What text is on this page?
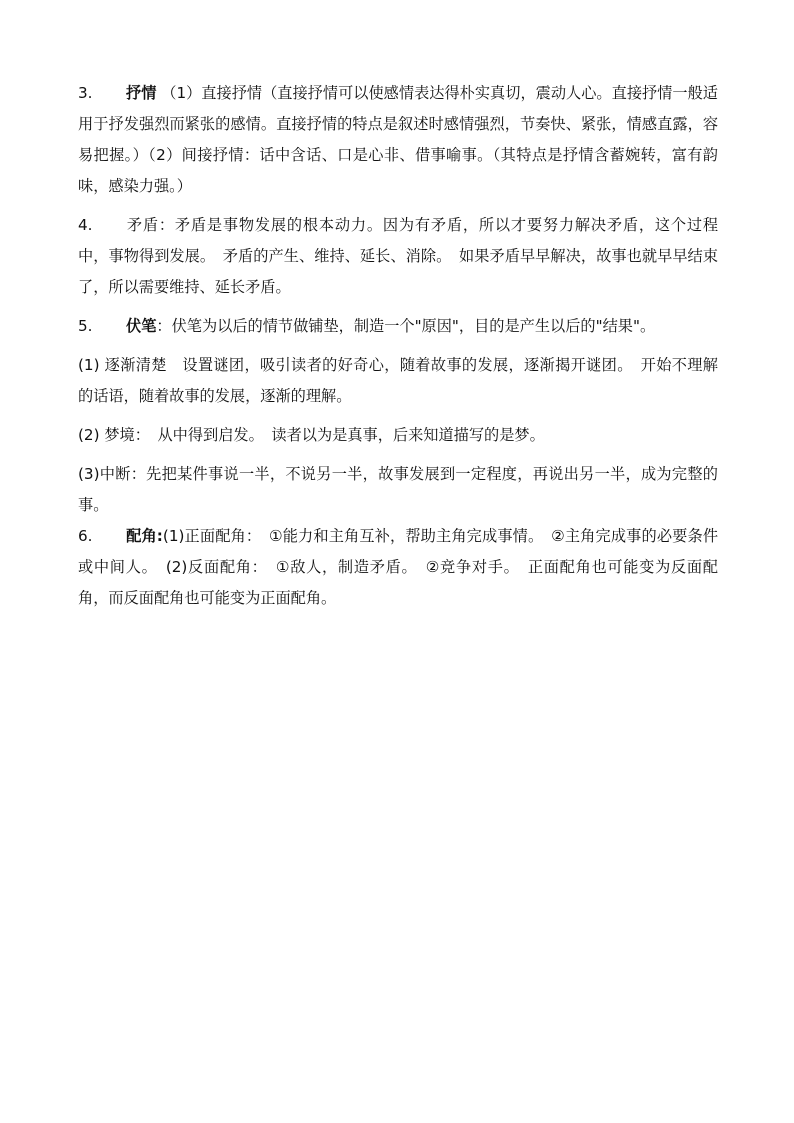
3. 抒情 （1）直接抒情（直接抒情可以使感情表达得朴实真切，震动人心。直接抒情一般适用于抒发强烈而紧张的感情。直接抒情的特点是叙述时感情强烈，节奏快、紧张，情感直露，容易把握。）（2）间接抒情：话中含话、口是心非、借事喻事。（其特点是抒情含蓄婉转，富有韵味，感染力强。）

4. 矛盾：矛盾是事物发展的根本动力。因为有矛盾，所以才要努力解决矛盾，这个过程中，事物得到发展。　矛盾的产生、维持、延长、消除。　如果矛盾早早解决，故事也就早早结束了，所以需要维持、延长矛盾。

5. 伏笔：伏笔为以后的情节做铺垫，制造一个"原因"，目的是产生以后的"结果"。

(1) 逐渐清楚　设置谜团，吸引读者的好奇心，随着故事的发展，逐渐揭开谜团。　开始不理解的话语，随着故事的发展，逐渐的理解。

(2) 梦境：　从中得到启发。　读者以为是真事，后来知道描写的是梦。

(3)中断：先把某件事说一半，不说另一半，故事发展到一定程度，再说出另一半，成为完整的事。

6. 配角:(1)正面配角：　①能力和主角互补，帮助主角完成事情。　②主角完成事的必要条件或中间人。　(2)反面配角：　①敌人，制造矛盾。　②竞争对手。　正面配角也可能变为反面配角，而反面配角也可能变为正面配角。
